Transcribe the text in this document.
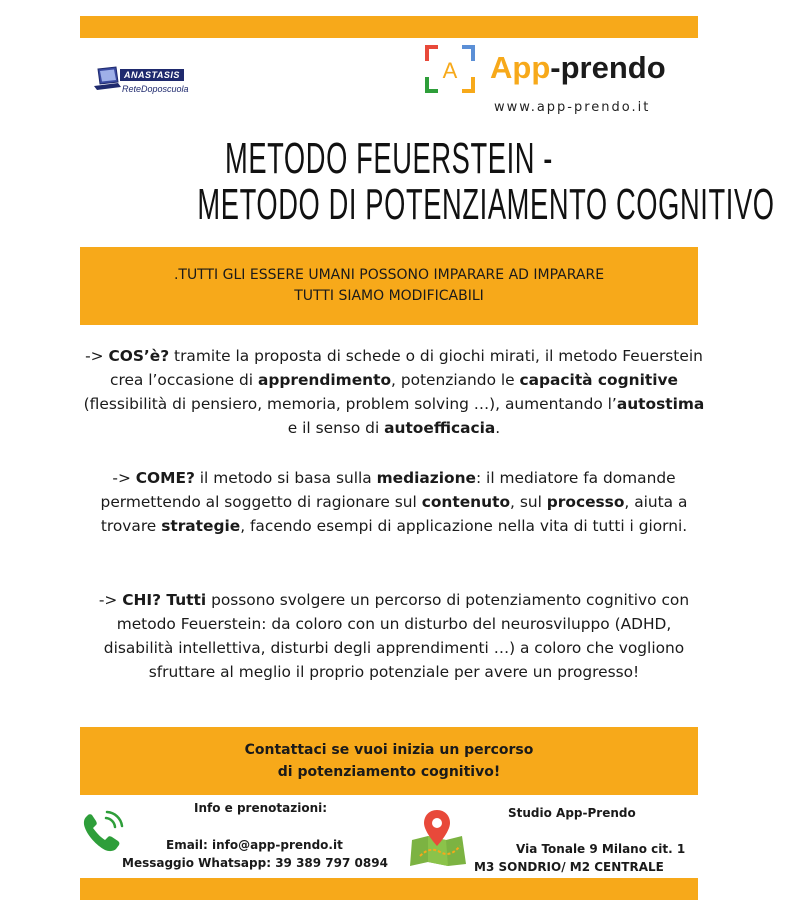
ANASTASIS
ReteDoposcuola
A App-prendo
www.app-prendo.it
METODO FEUERSTEIN -
METODO DI POTENZIAMENTO COGNITIVO
.TUTTI GLI ESSERE UMANI POSSONO IMPARARE AD IMPARARE
TUTTI SIAMO MODIFICABILI
-> COS’è? tramite la proposta di schede o di giochi mirati, il metodo Feuerstein crea l’occasione di apprendimento, potenziando le capacità cognitive (flessibilità di pensiero, memoria, problem solving …), aumentando l’autostima e il senso di autoefficacia.
-> COME? il metodo si basa sulla mediazione: il mediatore fa domande permettendo al soggetto di ragionare sul contenuto, sul processo, aiuta a trovare strategie, facendo esempi di applicazione nella vita di tutti i giorni.
-> CHI? Tutti possono svolgere un percorso di potenziamento cognitivo con metodo Feuerstein: da coloro con un disturbo del neurosviluppo (ADHD, disabilità intellettiva, disturbi degli apprendimenti …) a coloro che vogliono sfruttare al meglio il proprio potenziale per avere un progresso!
Contattaci se vuoi inizia un percorso
di potenziamento cognitivo!
Info e prenotazioni:
Email: info@app-prendo.it
Messaggio Whatsapp: 39 389 797 0894
Studio App-Prendo
Via Tonale 9 Milano cit. 1
M3 SONDRIO/ M2 CENTRALE
